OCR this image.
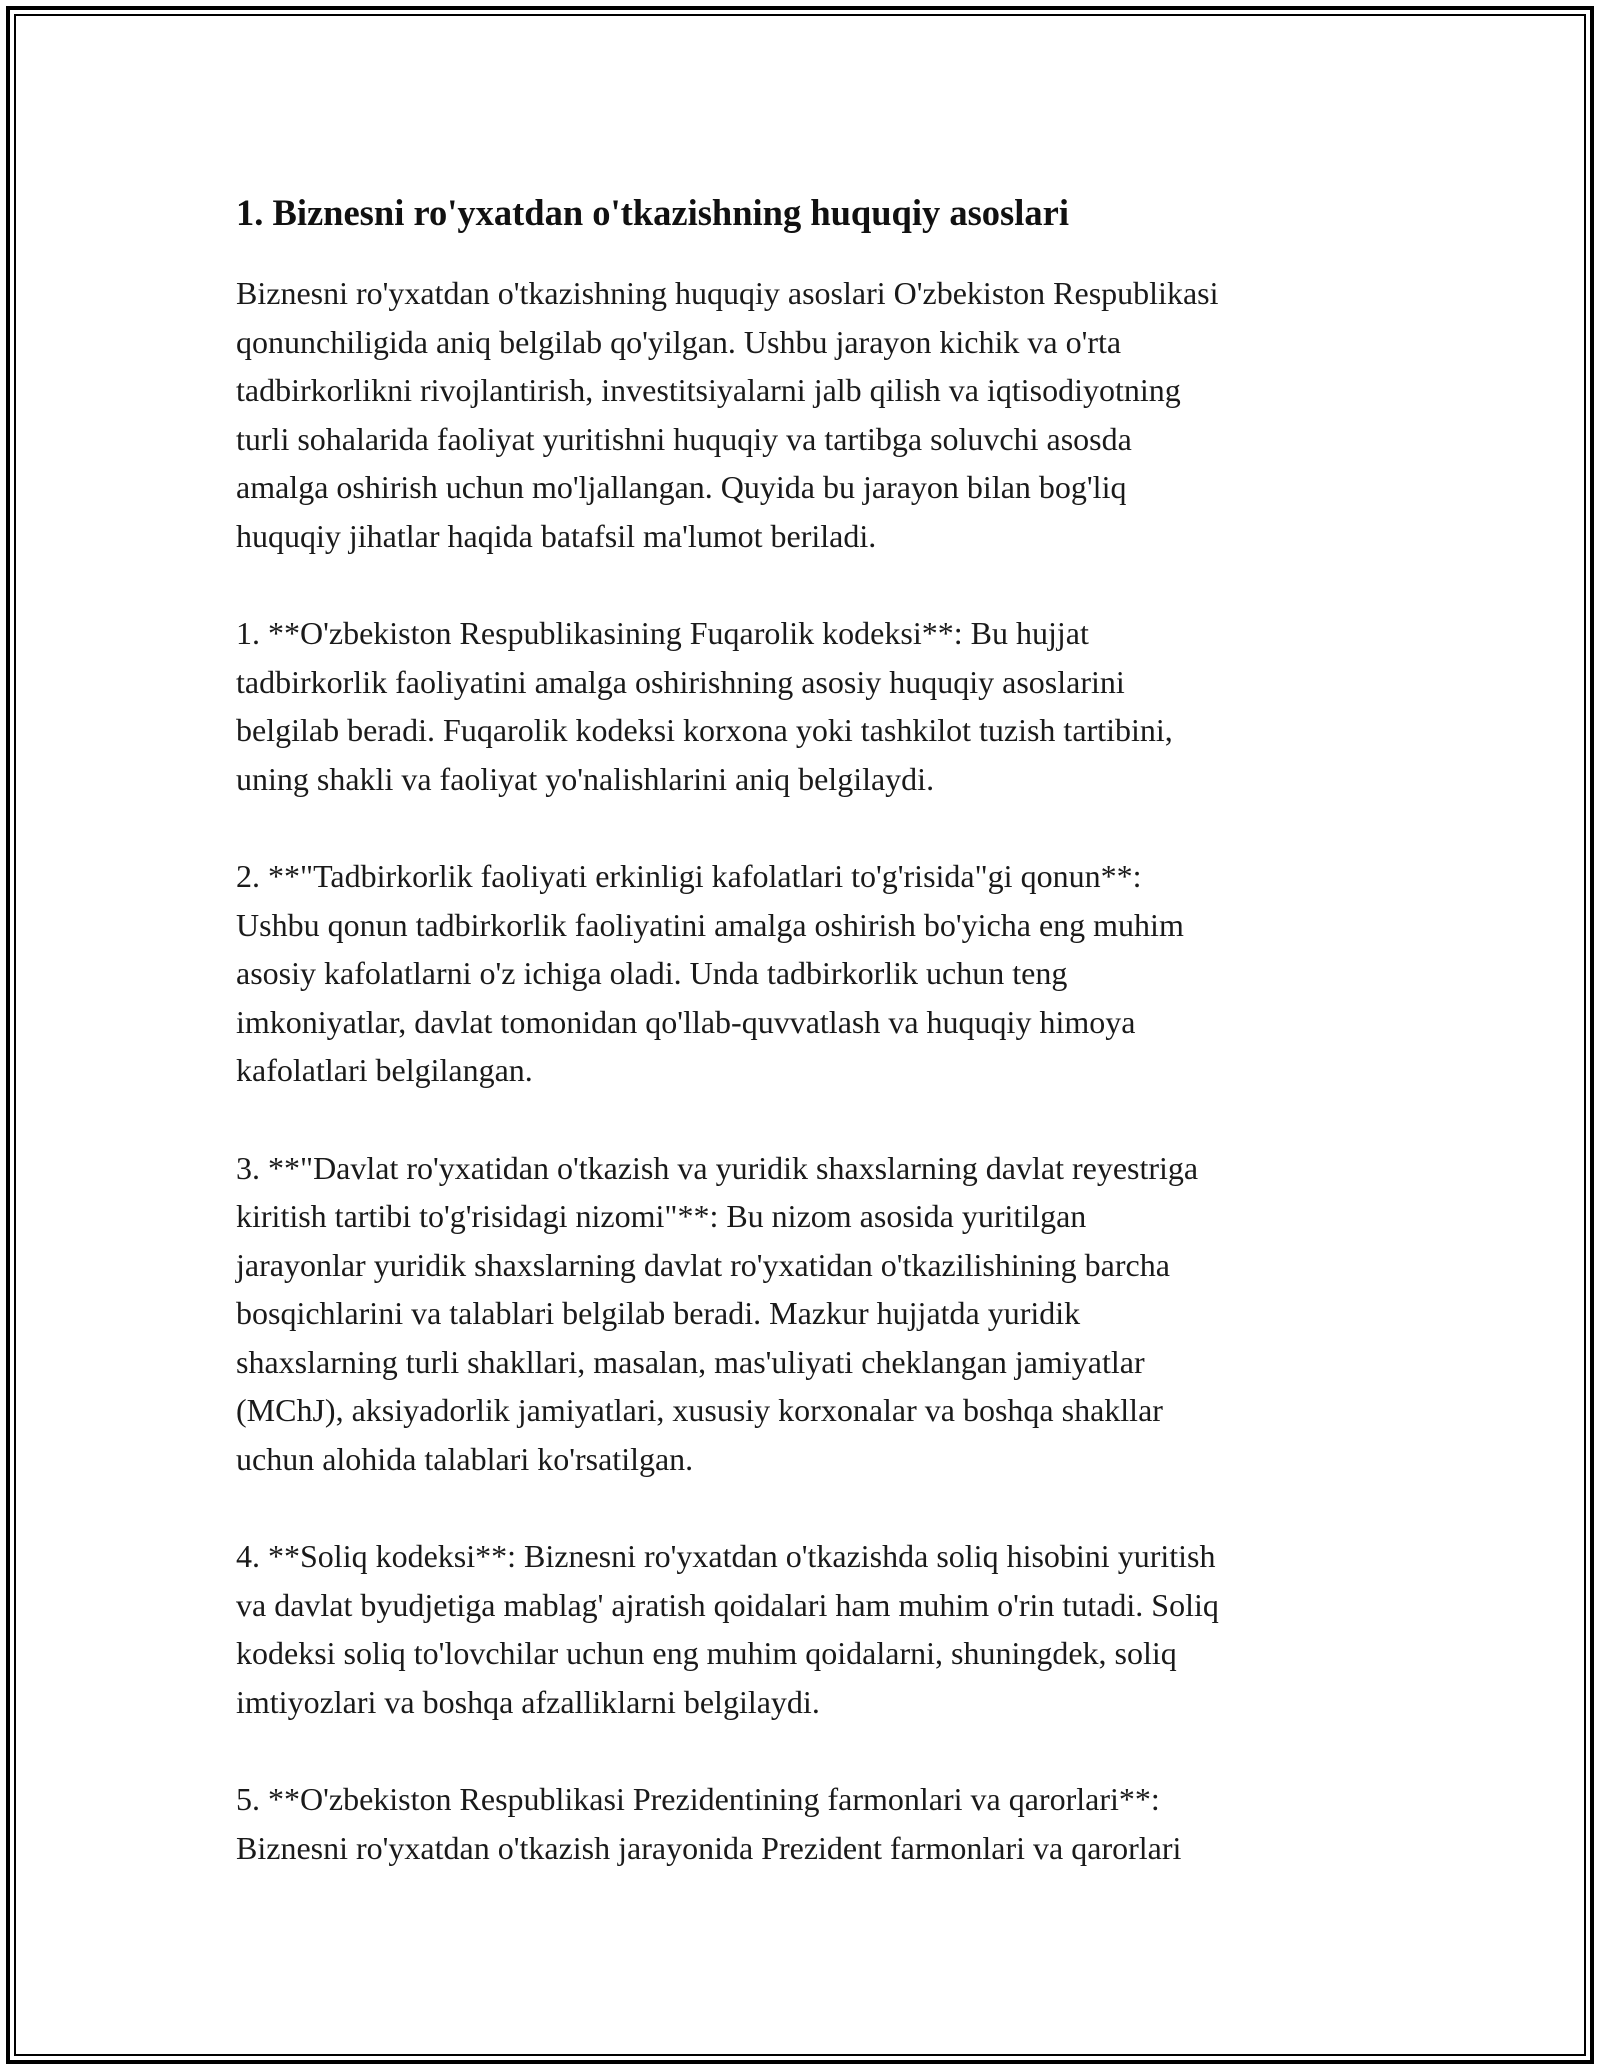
1. Biznesni ro'yxatdan o'tkazishning huquqiy asoslari

Biznesni ro'yxatdan o'tkazishning huquqiy asoslari O'zbekiston Respublikasi
qonunchiligida aniq belgilab qo'yilgan. Ushbu jarayon kichik va o'rta
tadbirkorlikni rivojlantirish, investitsiyalarni jalb qilish va iqtisodiyotning
turli sohalarida faoliyat yuritishni huquqiy va tartibga soluvchi asosda
amalga oshirish uchun mo'ljallangan. Quyida bu jarayon bilan bog'liq
huquqiy jihatlar haqida batafsil ma'lumot beriladi.

1. **O'zbekiston Respublikasining Fuqarolik kodeksi**: Bu hujjat
tadbirkorlik faoliyatini amalga oshirishning asosiy huquqiy asoslarini
belgilab beradi. Fuqarolik kodeksi korxona yoki tashkilot tuzish tartibini,
uning shakli va faoliyat yo'nalishlarini aniq belgilaydi.

2. **"Tadbirkorlik faoliyati erkinligi kafolatlari to'g'risida"gi qonun**:
Ushbu qonun tadbirkorlik faoliyatini amalga oshirish bo'yicha eng muhim
asosiy kafolatlarni o'z ichiga oladi. Unda tadbirkorlik uchun teng
imkoniyatlar, davlat tomonidan qo'llab-quvvatlash va huquqiy himoya
kafolatlari belgilangan.

3. **"Davlat ro'yxatidan o'tkazish va yuridik shaxslarning davlat reyestriga
kiritish tartibi to'g'risidagi nizomi"**: Bu nizom asosida yuritilgan
jarayonlar yuridik shaxslarning davlat ro'yxatidan o'tkazilishining barcha
bosqichlarini va talablari belgilab beradi. Mazkur hujjatda yuridik
shaxslarning turli shakllari, masalan, mas'uliyati cheklangan jamiyatlar
(MChJ), aksiyadorlik jamiyatlari, xususiy korxonalar va boshqa shakllar
uchun alohida talablari ko'rsatilgan.

4. **Soliq kodeksi**: Biznesni ro'yxatdan o'tkazishda soliq hisobini yuritish
va davlat byudjetiga mablag' ajratish qoidalari ham muhim o'rin tutadi. Soliq
kodeksi soliq to'lovchilar uchun eng muhim qoidalarni, shuningdek, soliq
imtiyozlari va boshqa afzalliklarni belgilaydi.

5. **O'zbekiston Respublikasi Prezidentining farmonlari va qarorlari**:
Biznesni ro'yxatdan o'tkazish jarayonida Prezident farmonlari va qarorlari
